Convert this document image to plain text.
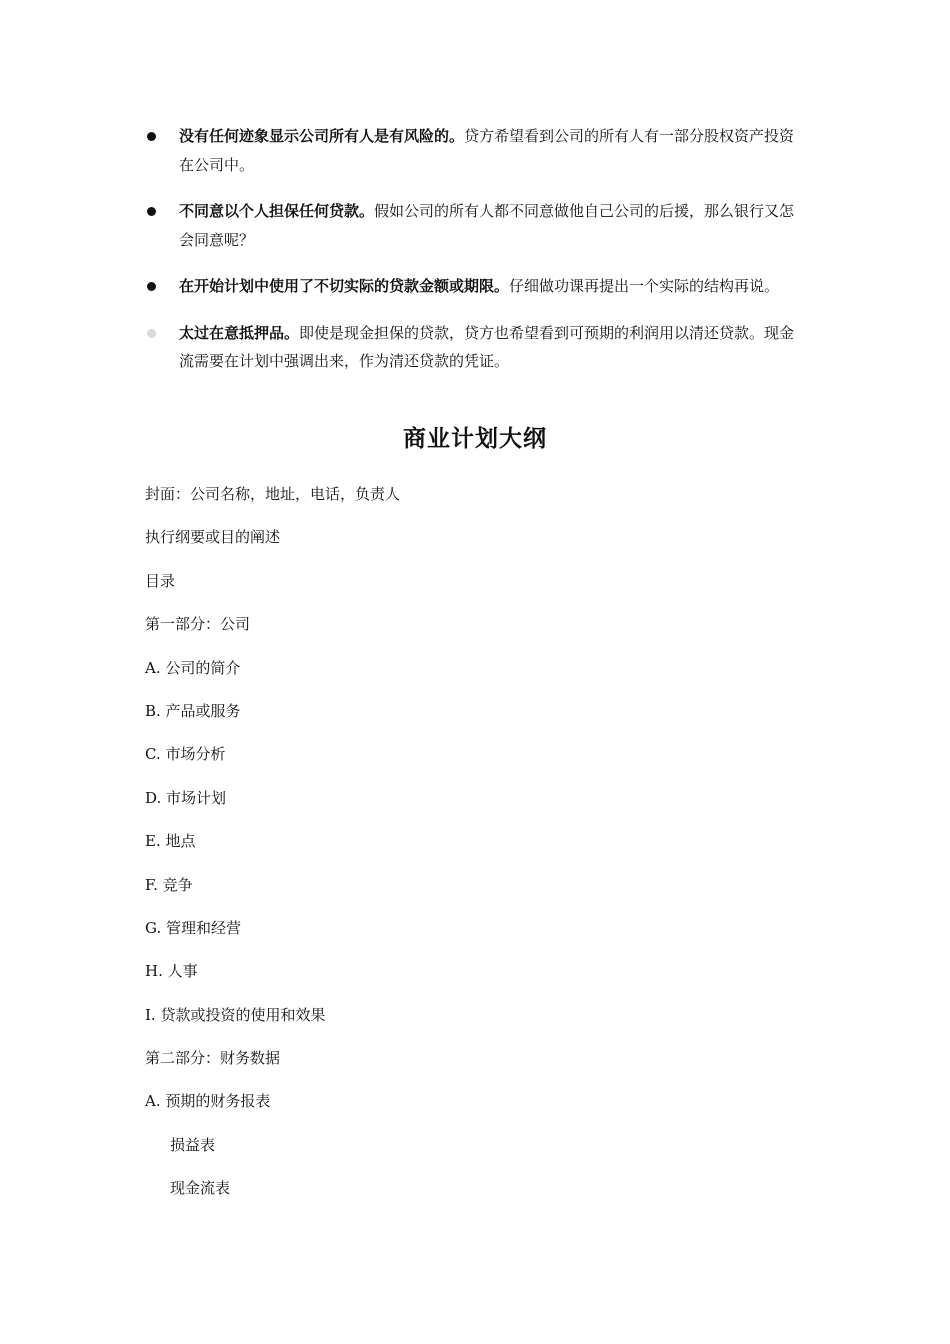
没有任何迹象显示公司所有人是有风险的。贷方希望看到公司的所有人有一部分股权资产投资在公司中。
不同意以个人担保任何贷款。假如公司的所有人都不同意做他自己公司的后援，那么银行又怎会同意呢？
在开始计划中使用了不切实际的贷款金额或期限。仔细做功课再提出一个实际的结构再说。
太过在意抵押品。即使是现金担保的贷款，贷方也希望看到可预期的利润用以清还贷款。现金流需要在计划中强调出来，作为清还贷款的凭证。
商业计划大纲
封面：公司名称，地址，电话，负责人
执行纲要或目的阐述
目录
第一部分：公司
A. 公司的简介
B. 产品或服务
C. 市场分析
D. 市场计划
E. 地点
F. 竞争
G. 管理和经营
H. 人事
I. 贷款或投资的使用和效果
第二部分：财务数据
A. 预期的财务报表
损益表
现金流表
